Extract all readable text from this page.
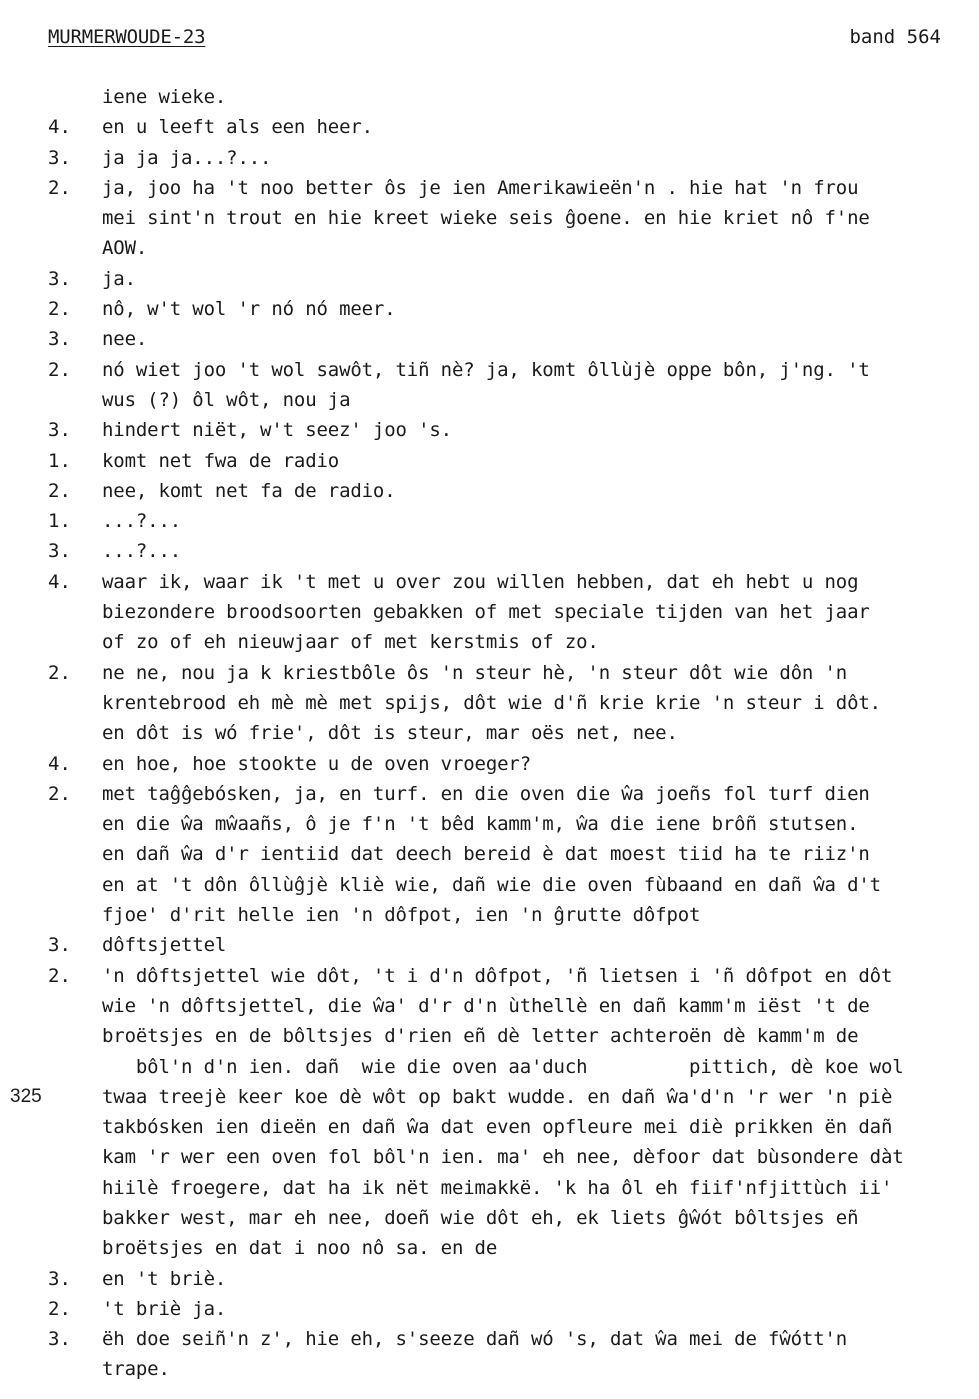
MURMERWOUDE-23	band 564
iene wieke.
4.	en u leeft als een heer.
3.	ja ja ja...?...
2.	ja, joo ha 't noo better ôs je ien Amerikawieën'n . hie hat 'n frou
mei sint'n trout en hie kreet wieke seis ĝoene. en hie kriet nô f'ne
AOW.
3.	ja.
2.	nô, w't wol 'r nó nó meer.
3.	nee.
2.	nó wiet joo 't wol sawôt, tiñ nè? ja, komt ôllùjè oppe bôn, j'ng. 't
wus (?) ôl wôt, nou ja
3.	hindert niët, w't seez' joo 's.
1.	komt net fwa de radio
2.	nee, komt net fa de radio.
1.	...?...
3.	...?...
4.	waar ik, waar ik 't met u over zou willen hebben, dat eh hebt u nog
biezondere broodsoorten gebakken of met speciale tijden van het jaar
of zo of eh nieuwjaar of met kerstmis of zo.
2.	ne ne, nou ja k kriestbôle ôs 'n steur hè, 'n steur dôt wie dôn 'n
krentebrood eh mè mè met spijs, dôt wie d'ñ krie krie 'n steur i dôt.
en dôt is wó frie', dôt is steur, mar oës net, nee.
4.	en hoe, hoe stookte u de oven vroeger?
2.	met taĝĝebósken, ja, en turf. en die oven die ŵa joeñs fol turf dien
en die ŵa mŵaañs, ô je f'n 't bêd kamm'm, ŵa die iene brôñ stutsen.
en dañ ŵa d'r ientiid dat deech bereid è dat moest tiid ha te riiz'n
en at 't dôn ôllùĝjè kliè wie, dañ wie die oven fùbaand en dañ ŵa d't
fjoe' d'rit helle ien 'n dôfpot, ien 'n ĝrutte dôfpot
3.	dôftsjettel
2.	'n dôftsjettel wie dôt, 't i d'n dôfpot, 'ñ lietsen i 'ñ dôfpot en dôt
wie 'n dôftsjettel, die ŵa' d'r d'n ùthellè en dañ kamm'm iëst 't de
broëtsjes en de bôltsjes d'rien eñ dè letter achteroën dè kamm'm de
bôl'n d'n ien. dañ  wie die oven aa'duch         pittich, dè koe wol
twaa treejè keer koe dè wôt op bakt wudde. en dañ ŵa'd'n 'r wer 'n piè
325
takbósken ien dieën en dañ ŵa dat even opfleure mei diè prikken ën dañ
kam 'r wer een oven fol bôl'n ien. ma' eh nee, dèfoor dat bùsondere dàt
hiilè froegere, dat ha ik nët meimakkë. 'k ha ôl eh fiif'nfjittùch ii'
bakker west, mar eh nee, doeñ wie dôt eh, ek liets ĝŵót bôltsjes eñ
broëtsjes en dat i noo nô sa. en de
3.	en 't briè.
2.	't briè ja.
3.	ëh doe seiñ'n z', hie eh, s'seeze dañ wó 's, dat ŵa mei de fŵótt'n
trape.
